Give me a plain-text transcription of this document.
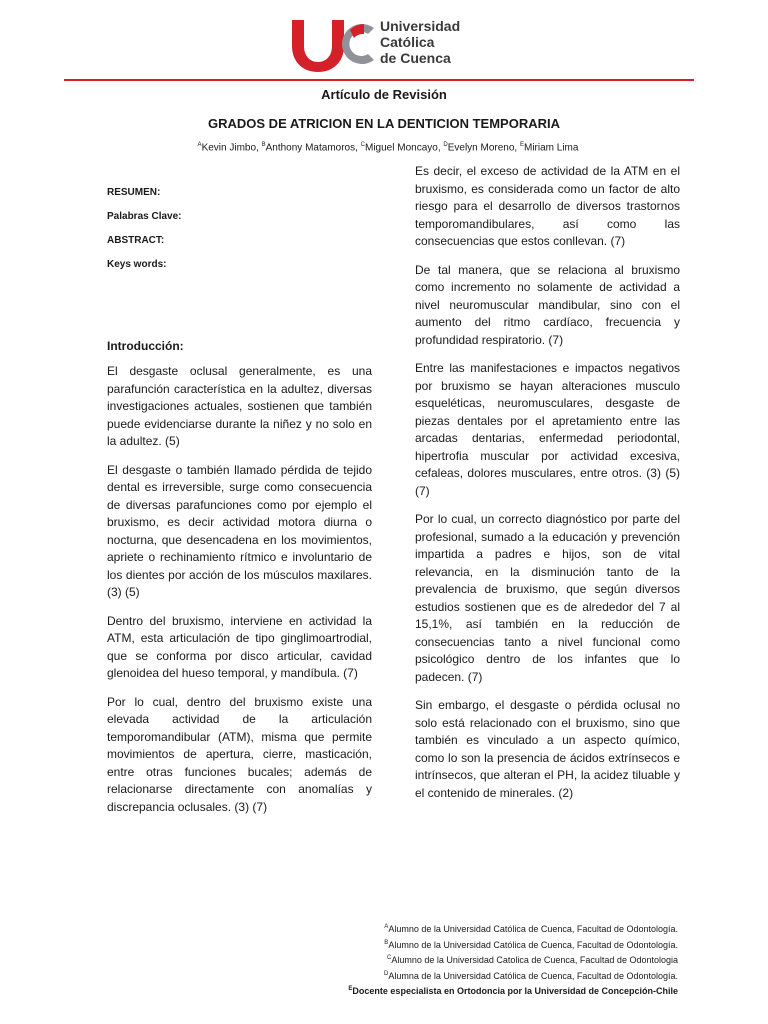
Universidad
Católica
de Cuenca
Artículo de Revisión
GRADOS DE ATRICION EN LA DENTICION TEMPORARIA
$^A$Kevin Jimbo, $^B$Anthony Matamoros, $^C$Miguel Moncayo, $^D$Evelyn Moreno, $^E$Miriam Lima
RESUMEN:
Palabras Clave:
ABSTRACT:
Keys words:
Introducción:

El desgaste oclusal generalmente, es una parafunción característica en la adultez, diversas investigaciones actuales, sostienen que también puede evidenciarse durante la niñez y no solo en la adultez. (5)

El desgaste o también llamado pérdida de tejido dental es irreversible, surge como consecuencia de diversas parafunciones como por ejemplo el bruxismo, es decir actividad motora diurna o nocturna, que desencadena en los movimientos, apriete o rechinamiento rítmico e involuntario de los dientes por acción de los músculos maxilares. (3) (5)

Dentro del bruxismo, interviene en actividad la ATM, esta articulación de tipo ginglimoartrodial, que se conforma por disco articular, cavidad glenoidea del hueso temporal, y mandíbula. (7)

Por lo cual, dentro del bruxismo existe una elevada actividad de la articulación temporomandibular (ATM), misma que permite movimientos de apertura, cierre, masticación, entre otras funciones bucales; además de relacionarse directamente con anomalías y discrepancia oclusales. (3) (7)

Es decir, el exceso de actividad de la ATM en el bruxismo, es considerada como un factor de alto riesgo para el desarrollo de diversos trastornos temporomandibulares, así como las consecuencias que estos conllevan. (7)

De tal manera, que se relaciona al bruxismo como incremento no solamente de actividad a nivel neuromuscular mandibular, sino con el aumento del ritmo cardíaco, frecuencia y profundidad respiratorio. (7)

Entre las manifestaciones e impactos negativos por bruxismo se hayan alteraciones musculo esqueléticas, neuromusculares, desgaste de piezas dentales por el apretamiento entre las arcadas dentarias, enfermedad periodontal, hipertrofia muscular por actividad excesiva, cefaleas, dolores musculares, entre otros. (3) (5) (7)

Por lo cual, un correcto diagnóstico por parte del profesional, sumado a la educación y prevención impartida a padres e hijos, son de vital relevancia, en la disminución tanto de la prevalencia de bruxismo, que según diversos estudios sostienen que es de alrededor del 7 al 15,1%, así también en la reducción de consecuencias tanto a nivel funcional como psicológico dentro de los infantes que lo padecen. (7)

Sin embargo, el desgaste o pérdida oclusal no solo está relacionado con el bruxismo, sino que también es vinculado a un aspecto químico, como lo son la presencia de ácidos extrínsecos e intrínsecos, que alteran el PH, la acidez tiluable y el contenido de minerales. (2)

$^A$Alumno de la Universidad Católica de Cuenca, Facultad de Odontología.
$^B$Alumno de la Universidad Católica de Cuenca, Facultad de Odontología.
$^C$Alumno de la Universidad Catolica de Cuenca, Facultad de Odontologia
$^D$Alumna de la Universidad Católica de Cuenca, Facultad de Odontología.
$^E$Docente especialista en Ortodoncia por la Universidad de Concepción-Chile
